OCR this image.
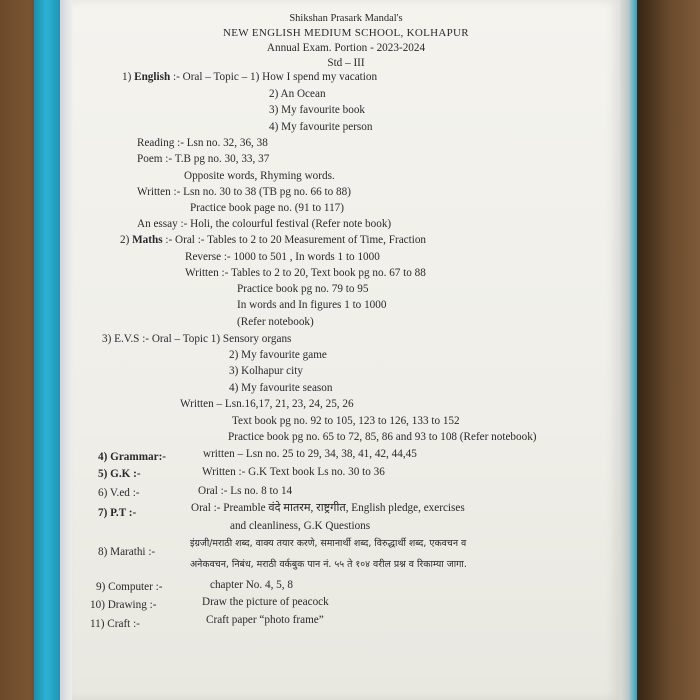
Shikshan Prasark Mandal's
NEW ENGLISH MEDIUM SCHOOL, KOLHAPUR
Annual Exam. Portion - 2023-2024
Std – III
1) English :- Oral – Topic – 1) How I spend my vacation
2) An Ocean
3) My favourite book
4) My favourite person
Reading :- Lsn no. 32, 36, 38
Poem :- T.B pg no. 30, 33, 37
Opposite words, Rhyming words.
Written :- Lsn no. 30 to 38 (TB pg no. 66 to 88)
Practice book page no. (91 to 117)
An essay :- Holi, the colourful festival (Refer note book)
2) Maths :- Oral :- Tables to 2 to 20 Measurement of Time, Fraction
Reverse :- 1000 to 501 , In words 1 to 1000
Written :- Tables to 2 to 20, Text book pg no. 67 to 88
Practice book pg no. 79 to 95
In words and In figures 1 to 1000
(Refer notebook)
3) E.V.S :- Oral – Topic 1) Sensory organs
2) My favourite game
3) Kolhapur city
4) My favourite season
Written – Lsn.16,17, 21, 23, 24, 25, 26
Text book pg no. 92 to 105, 123 to 126, 133 to 152
Practice book pg no. 65 to 72, 85, 86 and 93 to 108 (Refer notebook)
4) Grammar:-	written – Lsn no. 25 to 29, 34, 38, 41, 42, 44,45
5) G.K :-	Written :- G.K Text book Ls no. 30 to 36
6) V.ed :-	Oral :- Ls no. 8 to 14
7) P.T :-	Oral :- Preamble वंदे मातरम, राष्ट्रगीत, English pledge, exercises
and cleanliness, G.K Questions
8) Marathi :-
इंग्रजी/मराठी शब्द, वाक्य तयार करणे, समानार्थी शब्द, विरुद्धार्थी शब्द, एकवचन व
अनेकवचन, निबंध, मराठी वर्कबुक पान नं. ५५ ते १०४ वरील प्रश्न व रिकाम्या जागा.
9) Computer :-	chapter No. 4, 5, 8
10) Drawing :-	Draw the picture of peacock
11) Craft :-	Craft paper “photo frame”
